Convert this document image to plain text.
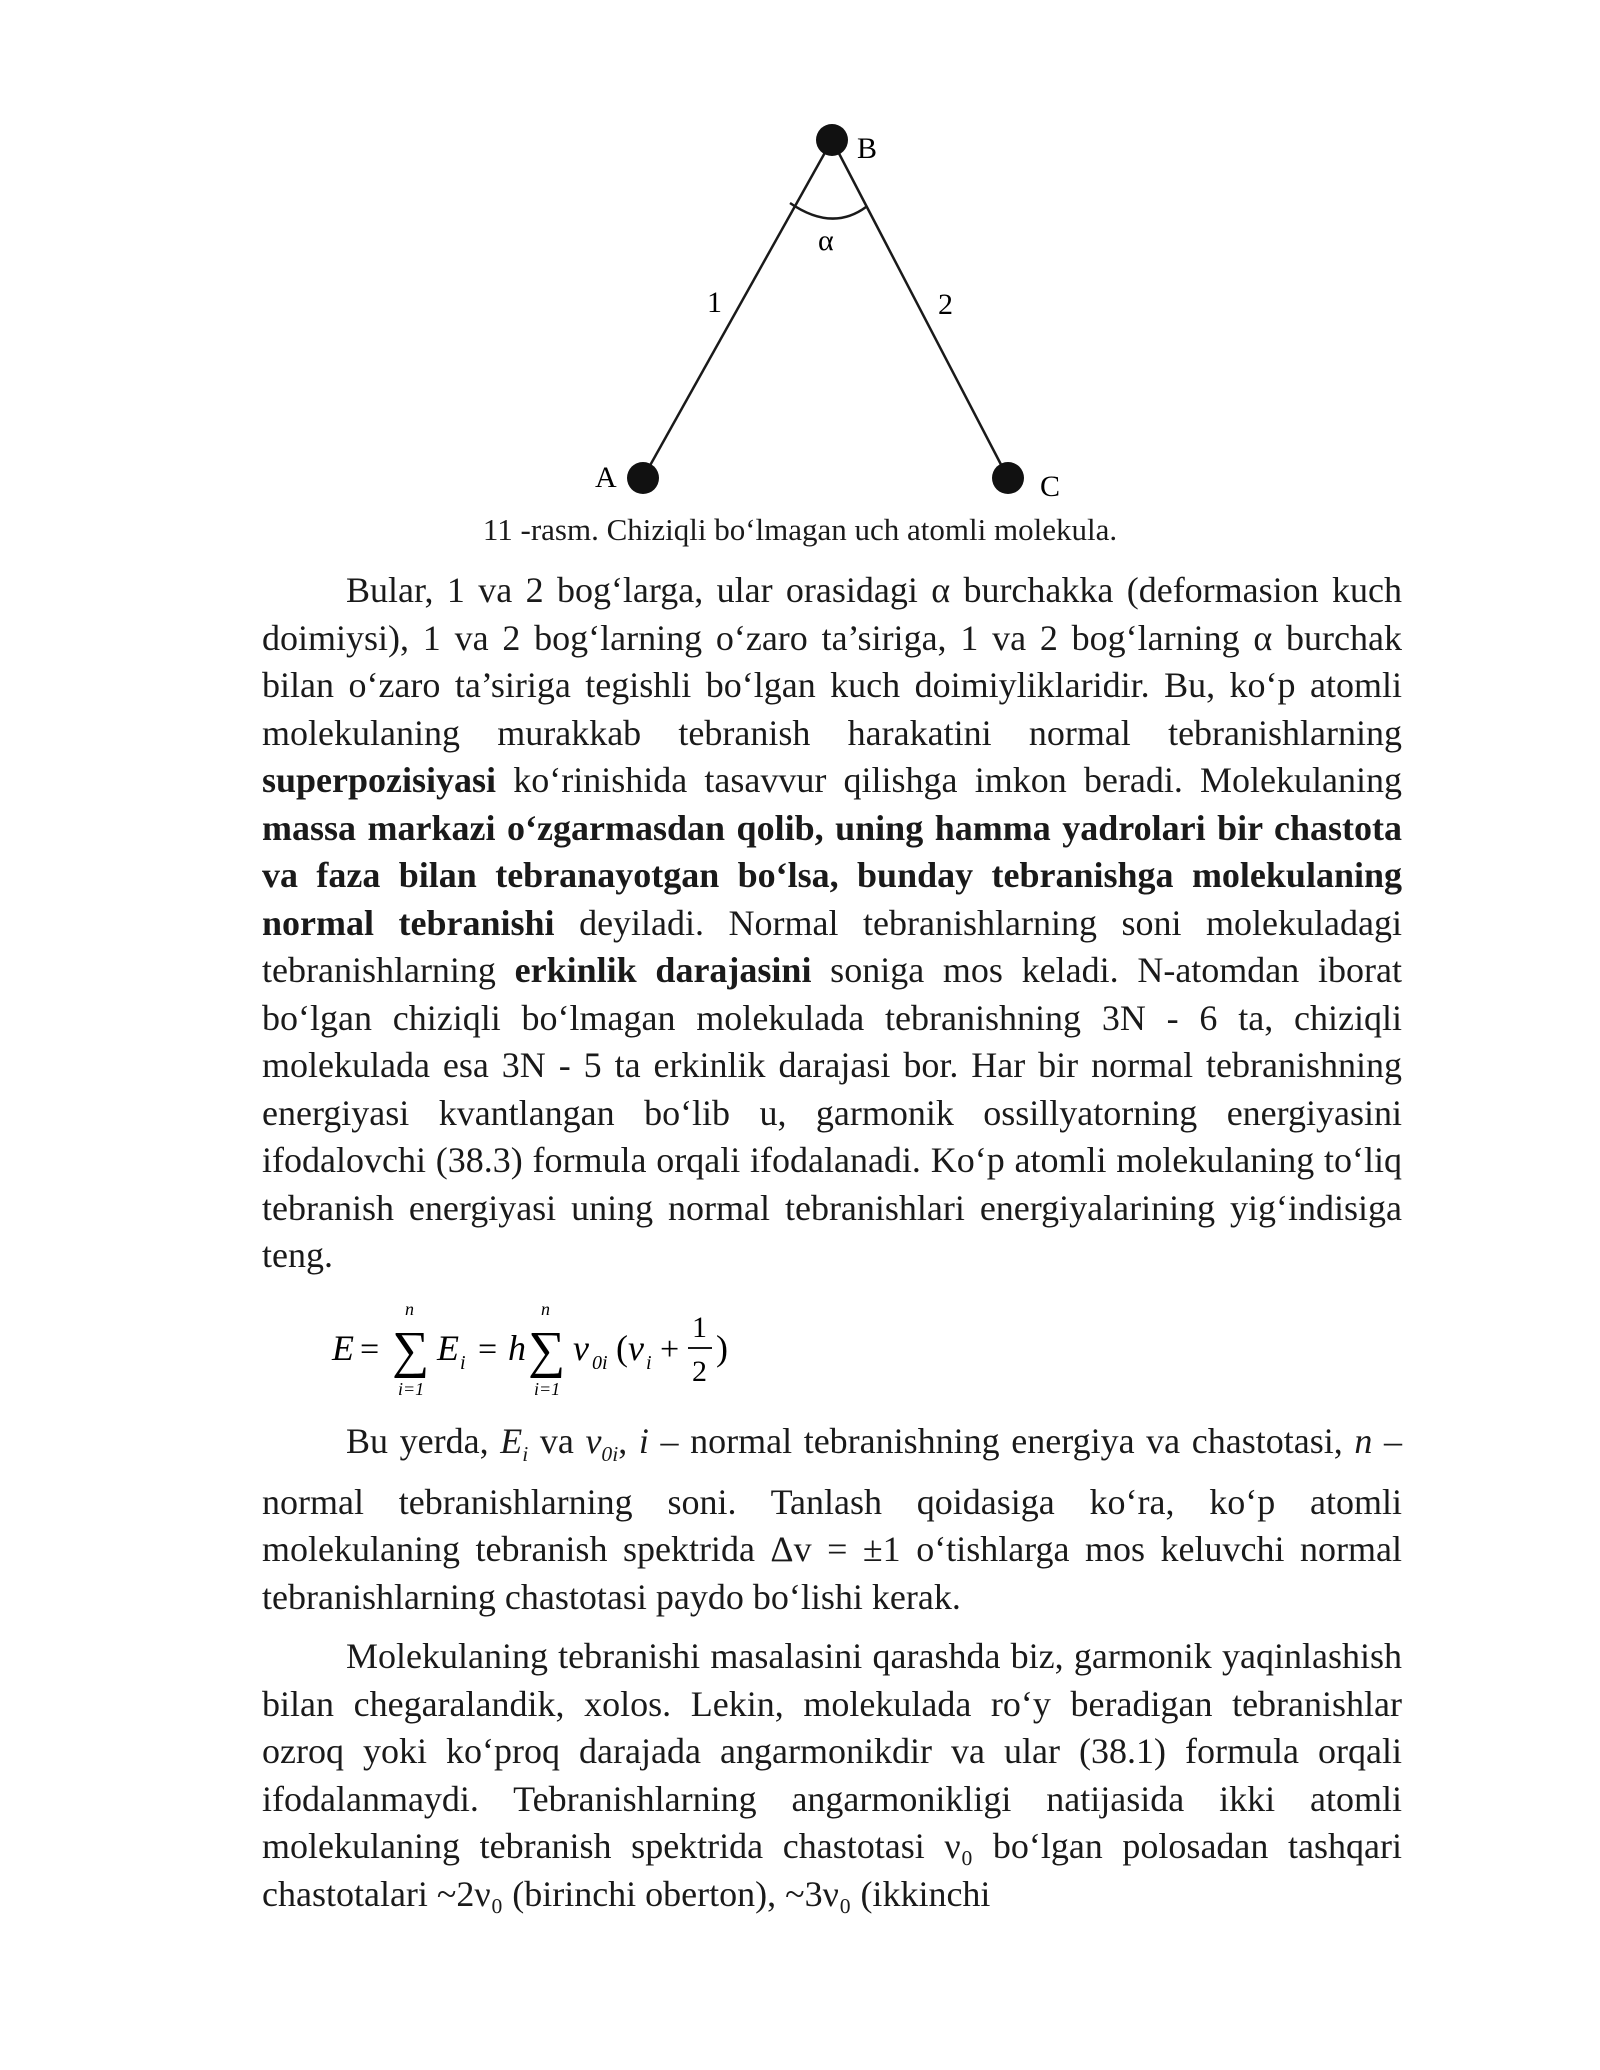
B
A	C
1	2
α
11 -rasm. Chiziqli bo‘lmagan uch atomli molekula.

Bular, 1 va 2 bog‘larga, ular orasidagi α burchakka (deformasion kuch doimiysi), 1 va 2 bog‘larning o‘zaro ta’siriga, 1 va 2 bog‘larning α burchak bilan o‘zaro ta’siriga tegishli bo‘lgan kuch doimiyliklaridir. Bu, ko‘p atomli molekulaning murakkab tebranish harakatini normal tebranishlarning superpozisiyasi ko‘rinishida tasavvur qilishga imkon beradi. Molekulaning massa markazi o‘zgarmasdan qolib, uning hamma yadrolari bir chastota va faza bilan tebranayotgan bo‘lsa, bunday tebranishga molekulaning normal tebranishi deyiladi. Normal tebranishlarning soni molekuladagi tebranishlarning erkinlik darajasini soniga mos keladi. N-atomdan iborat bo‘lgan chiziqli bo‘lmagan molekulada tebranishning 3N - 6 ta, chiziqli molekulada esa 3N - 5 ta erkinlik darajasi bor. Har bir normal tebranishning energiyasi kvantlangan bo‘lib u, garmonik ossillyatorning energiyasini ifodalovchi (38.3) formula orqali ifodalanadi. Ko‘p atomli molekulaning to‘liq tebranish energiyasi uning normal tebranishlari energiyalarining yig‘indisiga teng.

E = ∑
n
i=1
E i = h ∑
n
i=1
ν 0i ( v i +
1
2
)

Bu yerda, $E_i$ va $\nu_{0i}$, i – normal tebranishning energiya va chastotasi, n – normal tebranishlarning soni. Tanlash qoidasiga ko‘ra, ko‘p atomli molekulaning tebranish spektrida Δv = ±1 o‘tishlarga mos keluvchi normal tebranishlarning chastotasi paydo bo‘lishi kerak.

Molekulaning tebranishi masalasini qarashda biz, garmonik yaqinlashish bilan chegaralandik, xolos. Lekin, molekulada ro‘y beradigan tebranishlar ozroq yoki ko‘proq darajada angarmonikdir va ular (38.1) formula orqali ifodalanmaydi. Tebranishlarning angarmonikligi natijasida ikki atomli molekulaning tebranish spektrida chastotasi ν₀ bo‘lgan polosadan tashqari chastotalari ~2ν₀ (birinchi oberton), ~3ν₀ (ikkinchi
